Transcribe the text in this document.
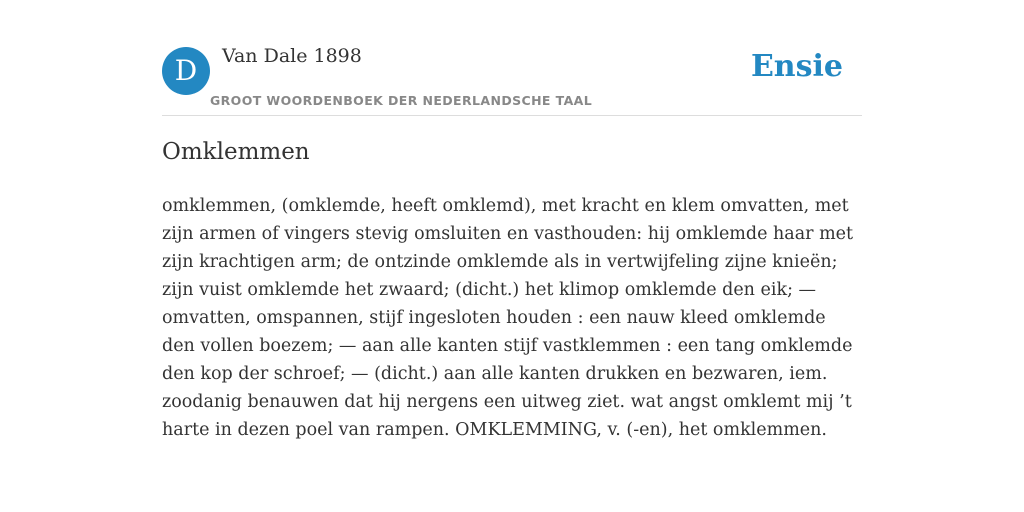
D	Van Dale 1898
GROOT WOORDENBOEK DER NEDERLANDSCHE TAAL
Ensie
Omklemmen

omklemmen, (omklemde, heeft omklemd), met kracht en klem omvatten, met zijn armen of vingers stevig omsluiten en vasthouden: hij omklemde haar met zijn krachtigen arm; de ontzinde omklemde als in vertwijfeling zijne knieën; zijn vuist omklemde het zwaard; (dicht.) het klimop omklemde den eik; — omvatten, omspannen, stijf ingesloten houden : een nauw kleed omklemde den vollen boezem; — aan alle kanten stijf vastklemmen : een tang omklemde den kop der schroef; — (dicht.) aan alle kanten drukken en bezwaren, iem. zoodanig benauwen dat hij nergens een uitweg ziet. wat angst omklemt mij ’t harte in dezen poel van rampen. OMKLEMMING, v. (-en), het omklemmen.
